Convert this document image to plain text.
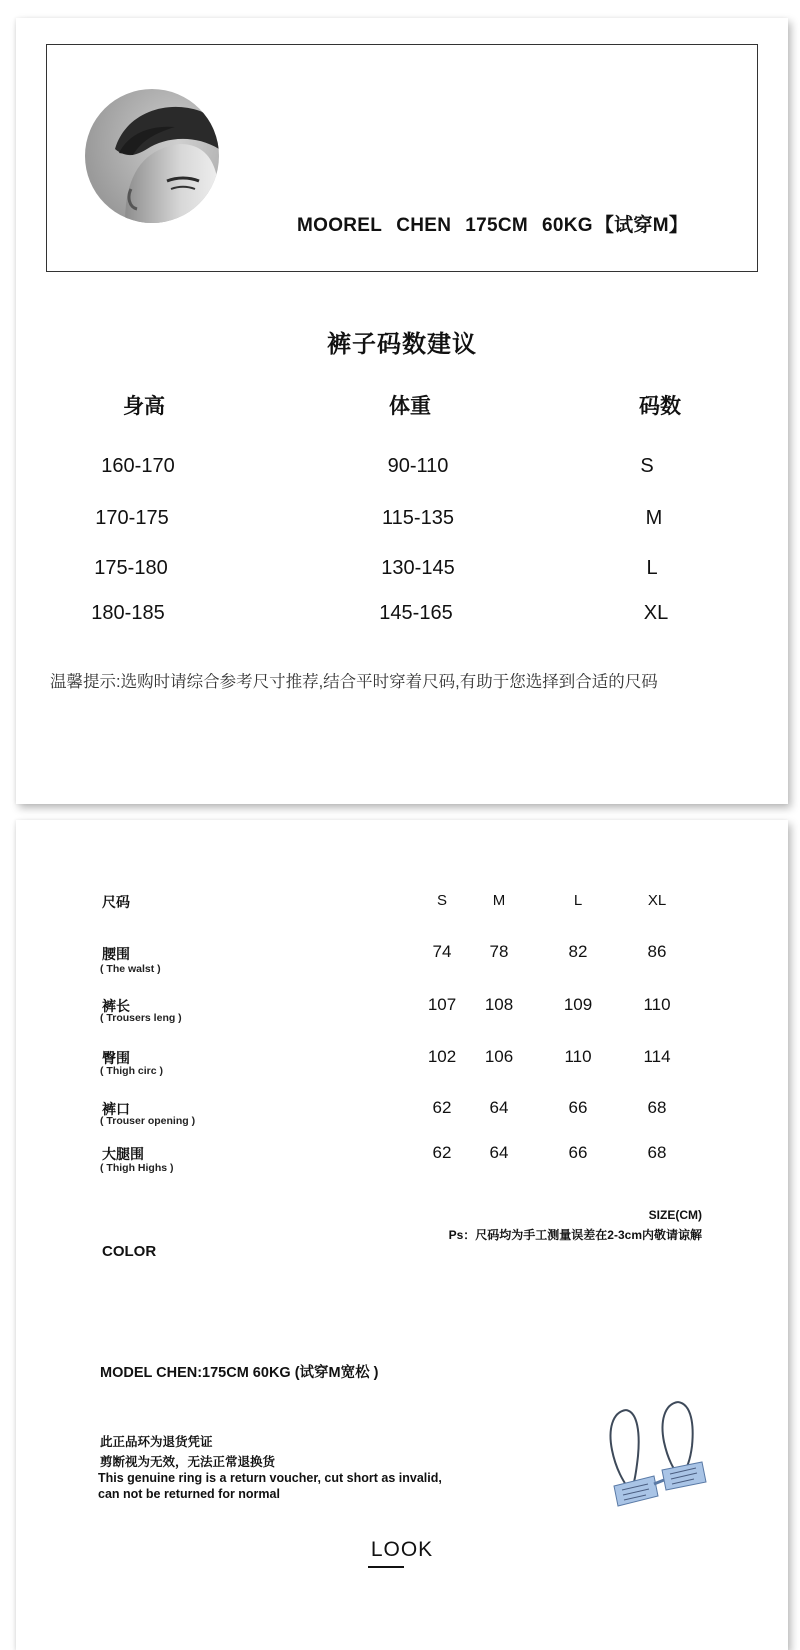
MOOREL CHEN 175CM 60KG 【试穿M】
裤子码数建议
身高	体重	码数
160-170	90-110	S
170-175	115-135	M
175-180	130-145	L
180-185	145-165	XL
温馨提示:选购时请综合参考尺寸推荐,结合平时穿着尺码,有助于您选择到合适的尺码
尺码	S	M	L	XL
腰围
( The walst )
74	78	82	86
裤长
( Trousers leng )
107	108	109	110
臀围
( Thigh circ )
102	106	110	114
裤口
( Trouser opening )
62	64	66	68
大腿围
( Thigh Highs )
62	64	66	68
SIZE(CM)
Ps：尺码均为手工测量误差在2-3cm内敬请谅解
COLOR
MODEL CHEN:175CM 60KG (试穿M宽松 )
此正品环为退货凭证
剪断视为无效，无法正常退换货
This genuine ring is a return voucher, cut short as invalid,
can not be returned for normal
LOOK
